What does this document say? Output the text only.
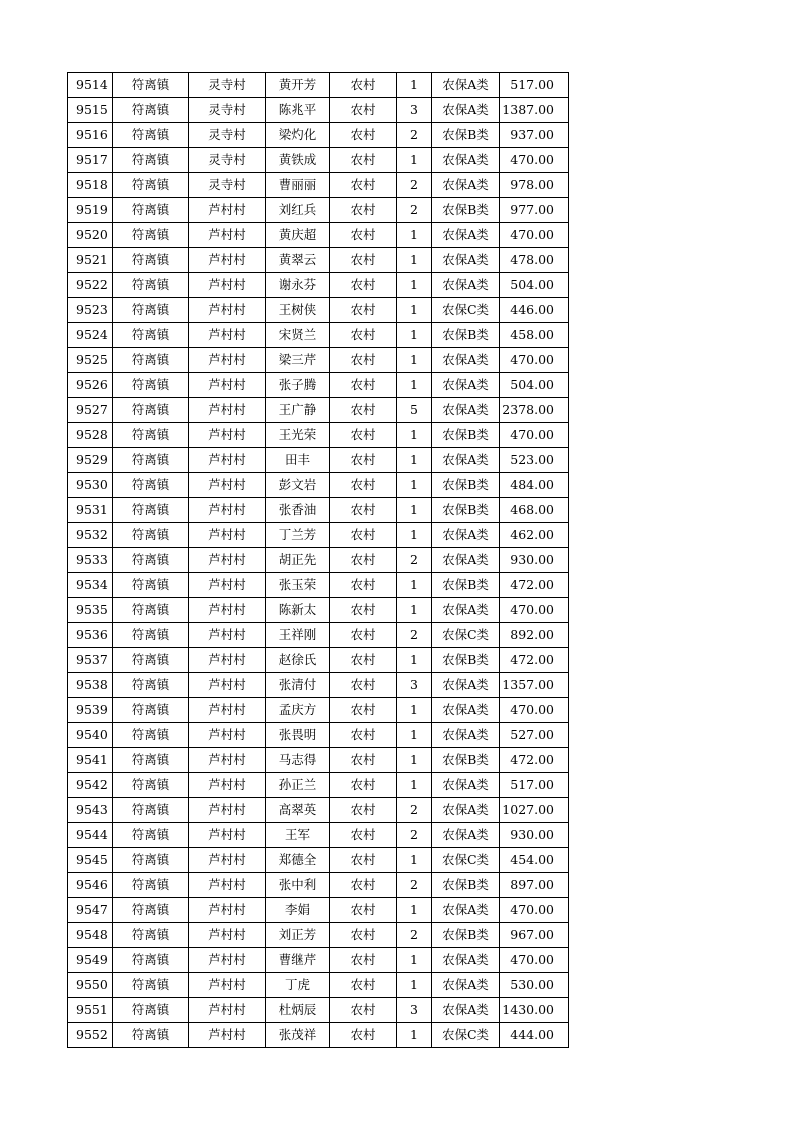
9514	符离镇	灵寺村	黄开芳	农村	1	农保A类	517.00
9515	符离镇	灵寺村	陈兆平	农村	3	农保A类	1387.00
9516	符离镇	灵寺村	梁灼化	农村	2	农保B类	937.00
9517	符离镇	灵寺村	黄铁成	农村	1	农保A类	470.00
9518	符离镇	灵寺村	曹丽丽	农村	2	农保A类	978.00
9519	符离镇	芦村村	刘红兵	农村	2	农保B类	977.00
9520	符离镇	芦村村	黄庆超	农村	1	农保A类	470.00
9521	符离镇	芦村村	黄翠云	农村	1	农保A类	478.00
9522	符离镇	芦村村	谢永芬	农村	1	农保A类	504.00
9523	符离镇	芦村村	王树侠	农村	1	农保C类	446.00
9524	符离镇	芦村村	宋贤兰	农村	1	农保B类	458.00
9525	符离镇	芦村村	梁三芹	农村	1	农保A类	470.00
9526	符离镇	芦村村	张子腾	农村	1	农保A类	504.00
9527	符离镇	芦村村	王广静	农村	5	农保A类	2378.00
9528	符离镇	芦村村	王光荣	农村	1	农保B类	470.00
9529	符离镇	芦村村	田丰	农村	1	农保A类	523.00
9530	符离镇	芦村村	彭文岩	农村	1	农保B类	484.00
9531	符离镇	芦村村	张香油	农村	1	农保B类	468.00
9532	符离镇	芦村村	丁兰芳	农村	1	农保A类	462.00
9533	符离镇	芦村村	胡正先	农村	2	农保A类	930.00
9534	符离镇	芦村村	张玉荣	农村	1	农保B类	472.00
9535	符离镇	芦村村	陈新太	农村	1	农保A类	470.00
9536	符离镇	芦村村	王祥刚	农村	2	农保C类	892.00
9537	符离镇	芦村村	赵徐氏	农村	1	农保B类	472.00
9538	符离镇	芦村村	张清付	农村	3	农保A类	1357.00
9539	符离镇	芦村村	孟庆方	农村	1	农保A类	470.00
9540	符离镇	芦村村	张畏明	农村	1	农保A类	527.00
9541	符离镇	芦村村	马志得	农村	1	农保B类	472.00
9542	符离镇	芦村村	孙正兰	农村	1	农保A类	517.00
9543	符离镇	芦村村	高翠英	农村	2	农保A类	1027.00
9544	符离镇	芦村村	王军	农村	2	农保A类	930.00
9545	符离镇	芦村村	郑德全	农村	1	农保C类	454.00
9546	符离镇	芦村村	张中利	农村	2	农保B类	897.00
9547	符离镇	芦村村	李娟	农村	1	农保A类	470.00
9548	符离镇	芦村村	刘正芳	农村	2	农保B类	967.00
9549	符离镇	芦村村	曹继芹	农村	1	农保A类	470.00
9550	符离镇	芦村村	丁虎	农村	1	农保A类	530.00
9551	符离镇	芦村村	杜炳辰	农村	3	农保A类	1430.00
9552	符离镇	芦村村	张茂祥	农村	1	农保C类	444.00
